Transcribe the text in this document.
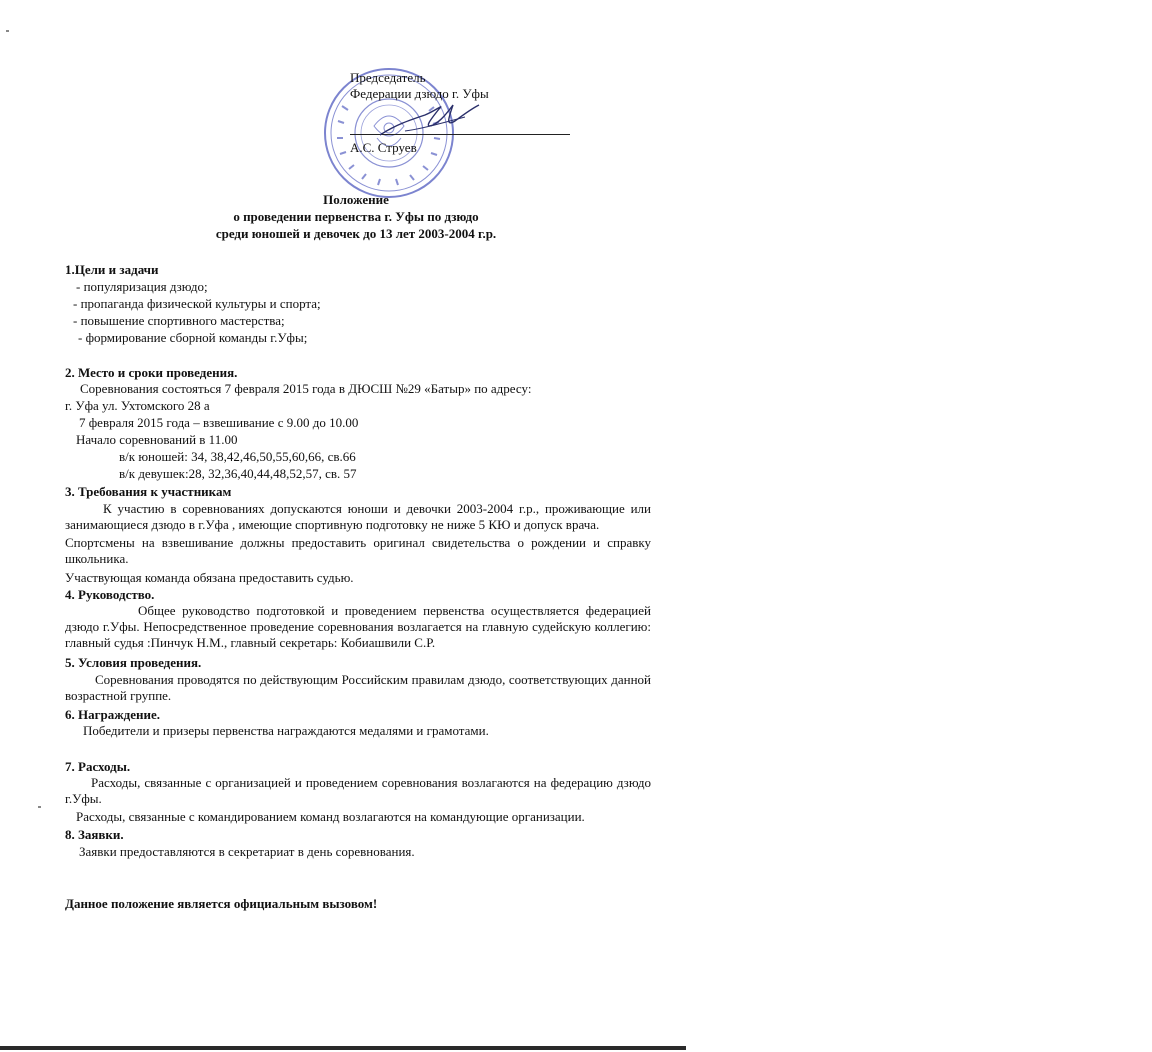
Председатель
Федерации дзюдо г. Уфы
А.С. Струев
Положение
о проведении первенства г. Уфы по дзюдо
среди юношей и девочек до 13 лет 2003-2004 г.р.
1.Цели и задачи
- популяризация дзюдо;
- пропаганда физической культуры и спорта;
- повышение спортивного мастерства;
- формирование сборной команды г.Уфы;
2. Место и сроки проведения.
Соревнования состояться 7 февраля 2015 года в ДЮСШ №29 «Батыр» по адресу:
г. Уфа ул. Ухтомского 28 а
7 февраля 2015 года – взвешивание с 9.00 до 10.00
Начало соревнований в 11.00
в/к юношей: 34, 38,42,46,50,55,60,66, св.66
в/к девушек:28, 32,36,40,44,48,52,57, св. 57
3. Требования к участникам
К участию в соревнованиях допускаются юноши и девочки 2003-2004 г.р., проживающие или занимающиеся дзюдо в г.Уфа , имеющие спортивную подготовку не ниже 5 КЮ и допуск врача.
Спортсмены на взвешивание должны предоставить оригинал свидетельства о рождении и справку школьника.
Участвующая команда обязана предоставить судью.
4. Руководство.
Общее руководство подготовкой и проведением первенства осуществляется федерацией дзюдо г.Уфы. Непосредственное проведение соревнования возлагается на главную судейскую коллегию: главный судья :Пинчук Н.М., главный секретарь: Кобиашвили С.Р.
5. Условия проведения.
Соревнования проводятся по действующим Российским правилам дзюдо, соответствующих данной возрастной группе.
6. Награждение.
Победители и призеры первенства награждаются медалями и грамотами.
7. Расходы.
Расходы, связанные с организацией и проведением соревнования возлагаются на федерацию дзюдо г.Уфы.
Расходы, связанные с командированием команд возлагаются на командующие организации.
8. Заявки.
Заявки предоставляются в секретариат в день соревнования.
Данное положение является официальным вызовом!
